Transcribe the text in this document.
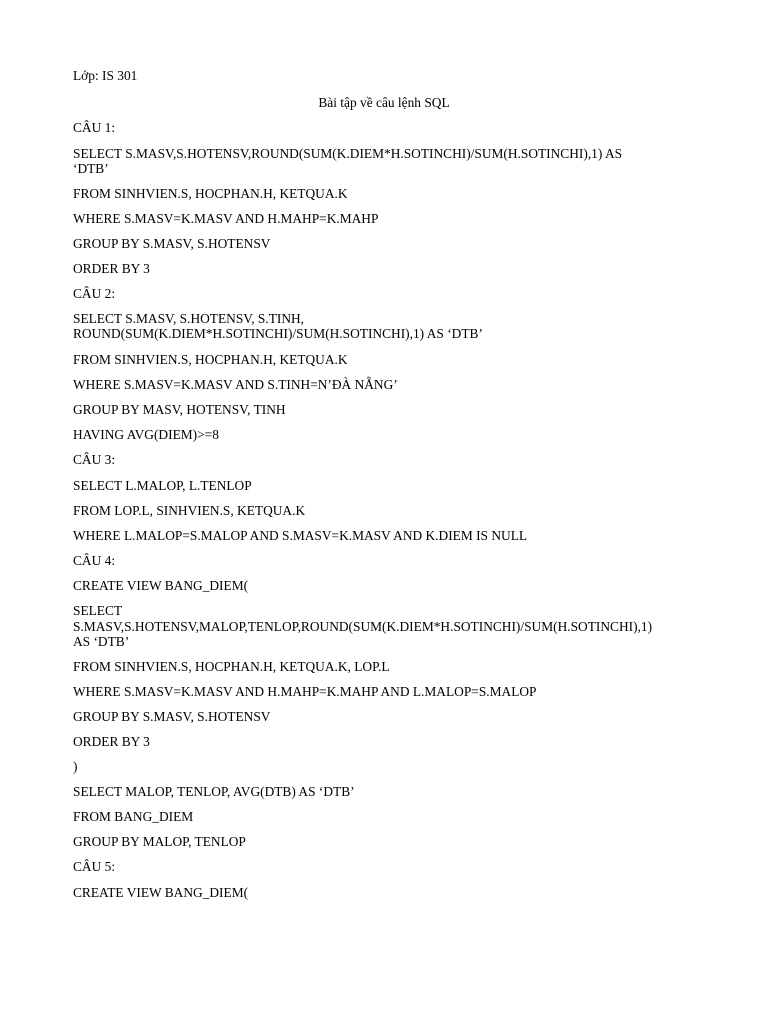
Lớp: IS 301
Bài tập về câu lệnh SQL
CÂU 1:
SELECT S.MASV,S.HOTENSV,ROUND(SUM(K.DIEM*H.SOTINCHI)/SUM(H.SOTINCHI),1) AS
‘DTB’
FROM SINHVIEN.S, HOCPHAN.H, KETQUA.K
WHERE S.MASV=K.MASV AND H.MAHP=K.MAHP
GROUP BY S.MASV, S.HOTENSV
ORDER BY 3
CÂU 2:
SELECT S.MASV, S.HOTENSV, S.TINH,
ROUND(SUM(K.DIEM*H.SOTINCHI)/SUM(H.SOTINCHI),1) AS ‘DTB’
FROM SINHVIEN.S, HOCPHAN.H, KETQUA.K
WHERE S.MASV=K.MASV AND S.TINH=N’ĐÀ NẴNG’
GROUP BY MASV, HOTENSV, TINH
HAVING AVG(DIEM)>=8
CÂU 3:
SELECT L.MALOP, L.TENLOP
FROM LOP.L, SINHVIEN.S, KETQUA.K
WHERE L.MALOP=S.MALOP AND S.MASV=K.MASV AND K.DIEM IS NULL
CÂU 4:
CREATE VIEW BANG_DIEM(
SELECT
S.MASV,S.HOTENSV,MALOP,TENLOP,ROUND(SUM(K.DIEM*H.SOTINCHI)/SUM(H.SOTINCHI),1)
AS ‘DTB’
FROM SINHVIEN.S, HOCPHAN.H, KETQUA.K, LOP.L
WHERE S.MASV=K.MASV AND H.MAHP=K.MAHP AND L.MALOP=S.MALOP
GROUP BY S.MASV, S.HOTENSV
ORDER BY 3
)
SELECT MALOP, TENLOP, AVG(DTB) AS ‘DTB’
FROM BANG_DIEM
GROUP BY MALOP, TENLOP
CÂU 5:
CREATE VIEW BANG_DIEM(
